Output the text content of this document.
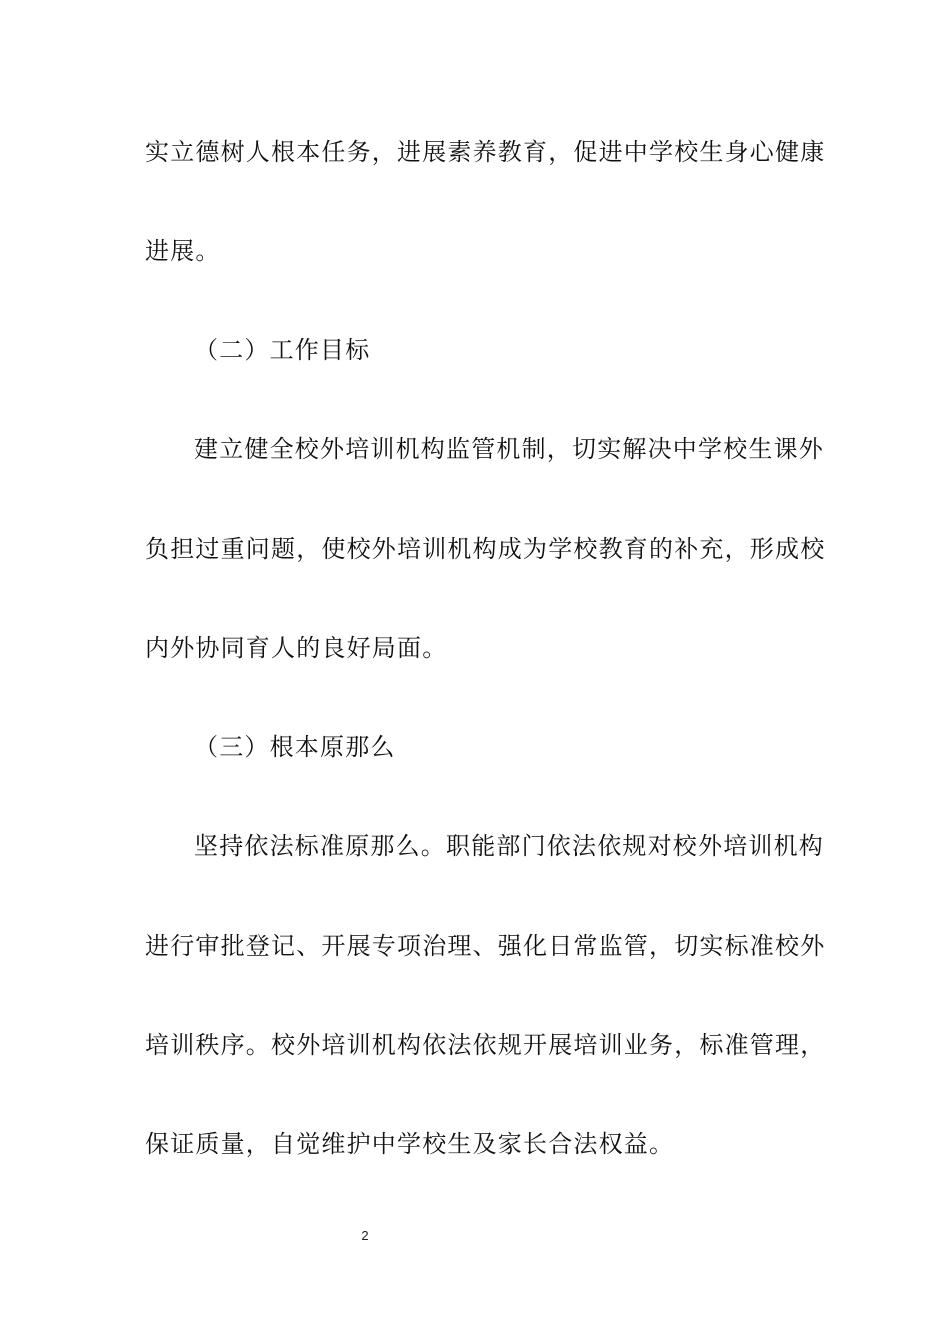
实立德树人根本任务，进展素养教育，促进中学校生身心健康
进展。
（二）工作目标
建立健全校外培训机构监管机制，切实解决中学校生课外
负担过重问题，使校外培训机构成为学校教育的补充，形成校
内外协同育人的良好局面。
（三）根本原那么
坚持依法标准原那么。职能部门依法依规对校外培训机构
进行审批登记、开展专项治理、强化日常监管，切实标准校外
培训秩序。校外培训机构依法依规开展培训业务，标准管理，
保证质量，自觉维护中学校生及家长合法权益。
2
